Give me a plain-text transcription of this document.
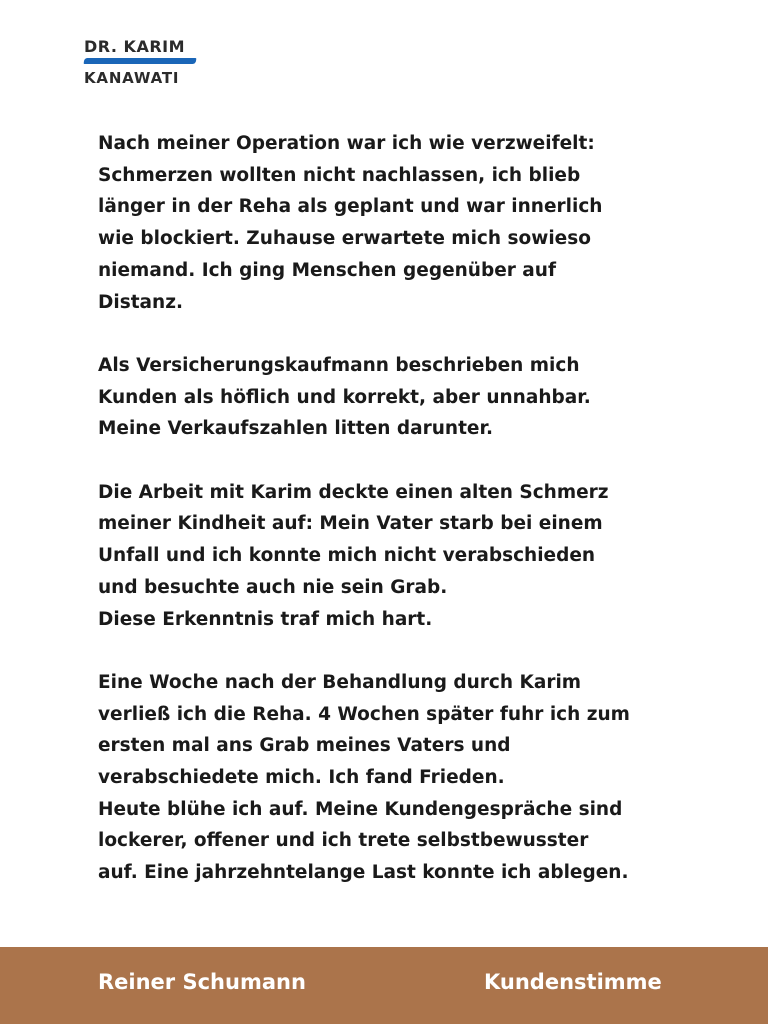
DR. KARIM
KANAWATI

Nach meiner Operation war ich wie verzweifelt:
Schmerzen wollten nicht nachlassen, ich blieb
länger in der Reha als geplant und war innerlich
wie blockiert. Zuhause erwartete mich sowieso
niemand. Ich ging Menschen gegenüber auf
Distanz.

Als Versicherungskaufmann beschrieben mich
Kunden als höflich und korrekt, aber unnahbar.
Meine Verkaufszahlen litten darunter.

Die Arbeit mit Karim deckte einen alten Schmerz
meiner Kindheit auf: Mein Vater starb bei einem
Unfall und ich konnte mich nicht verabschieden
und besuchte auch nie sein Grab.
Diese Erkenntnis traf mich hart.

Eine Woche nach der Behandlung durch Karim
verließ ich die Reha. 4 Wochen später fuhr ich zum
ersten mal ans Grab meines Vaters und
verabschiedete mich. Ich fand Frieden.
Heute blühe ich auf. Meine Kundengespräche sind
lockerer, offener und ich trete selbstbewusster
auf. Eine jahrzehntelange Last konnte ich ablegen.

Reiner Schumann	Kundenstimme
